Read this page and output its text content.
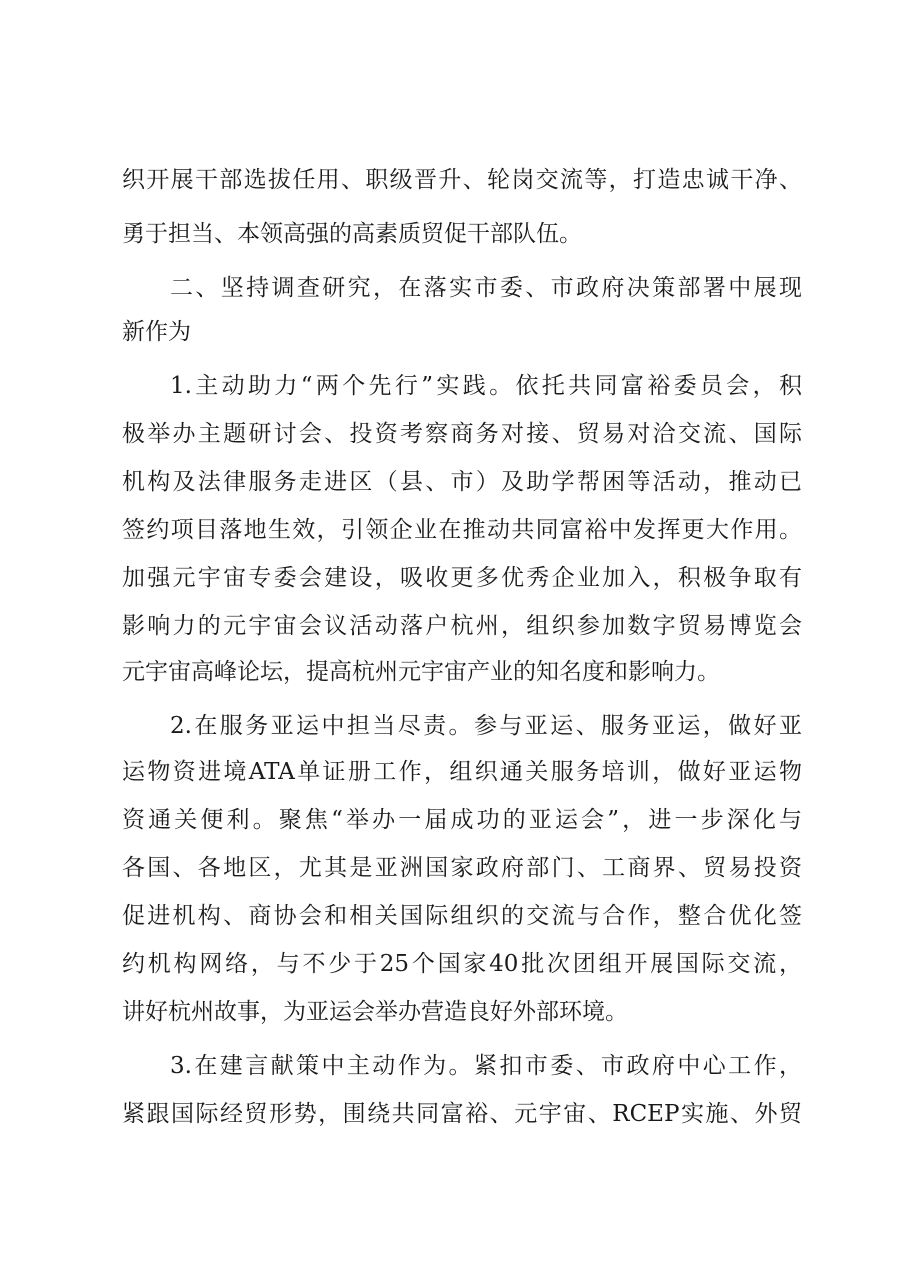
织开展干部选拔任用、职级晋升、轮岗交流等，打造忠诚干净、
勇于担当、本领高强的高素质贸促干部队伍。
二、坚持调查研究，在落实市委、市政府决策部署中展现
新作为
1.主动助力“两个先行”实践。依托共同富裕委员会，积
极举办主题研讨会、投资考察商务对接、贸易对洽交流、国际
机构及法律服务走进区（县、市）及助学帮困等活动，推动已
签约项目落地生效，引领企业在推动共同富裕中发挥更大作用。
加强元宇宙专委会建设，吸收更多优秀企业加入，积极争取有
影响力的元宇宙会议活动落户杭州，组织参加数字贸易博览会
元宇宙高峰论坛，提高杭州元宇宙产业的知名度和影响力。
2.在服务亚运中担当尽责。参与亚运、服务亚运，做好亚
运物资进境ATA单证册工作，组织通关服务培训，做好亚运物
资通关便利。聚焦“举办一届成功的亚运会”，进一步深化与
各国、各地区，尤其是亚洲国家政府部门、工商界、贸易投资
促进机构、商协会和相关国际组织的交流与合作，整合优化签
约机构网络，与不少于25个国家40批次团组开展国际交流，
讲好杭州故事，为亚运会举办营造良好外部环境。
3.在建言献策中主动作为。紧扣市委、市政府中心工作，
紧跟国际经贸形势，围绕共同富裕、元宇宙、RCEP实施、外贸
